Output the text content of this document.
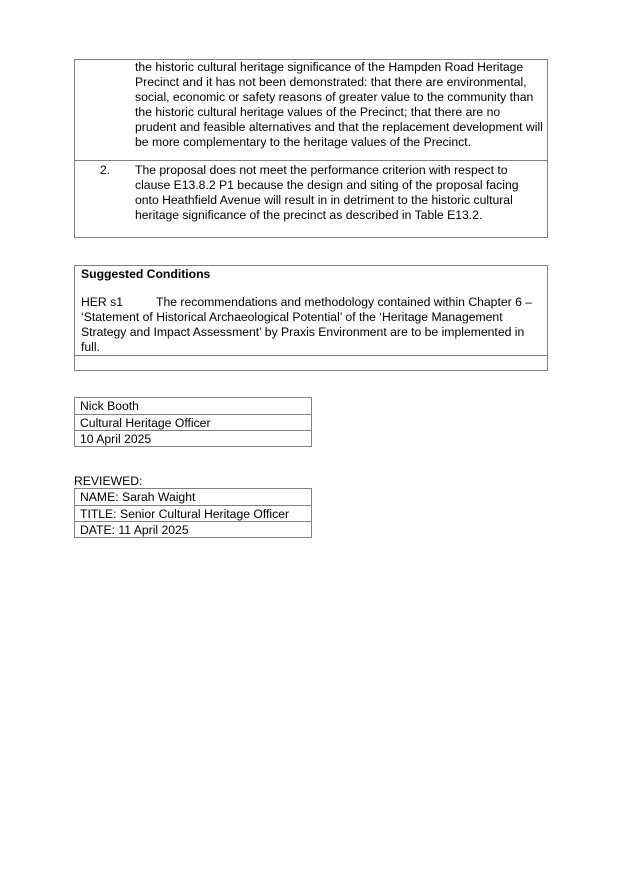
the historic cultural heritage significance of the Hampden Road Heritage Precinct and it has not been demonstrated: that there are environmental, social, economic or safety reasons of greater value to the community than the historic cultural heritage values of the Precinct; that there are no prudent and feasible alternatives and that the replacement development will be more complementary to the heritage values of the Precinct.
2.	The proposal does not meet the performance criterion with respect to clause E13.8.2 P1 because the design and siting of the proposal facing onto Heathfield Avenue will result in in detriment to the historic cultural heritage significance of the precinct as described in Table E13.2.
Suggested Conditions
HER s1	The recommendations and methodology contained within Chapter 6 – ‘Statement of Historical Archaeological Potential’ of the ‘Heritage Management Strategy and Impact Assessment’ by Praxis Environment are to be implemented in full.
Nick Booth
Cultural Heritage Officer
10 April 2025
REVIEWED:
NAME: Sarah Waight
TITLE: Senior Cultural Heritage Officer
DATE: 11 April 2025
